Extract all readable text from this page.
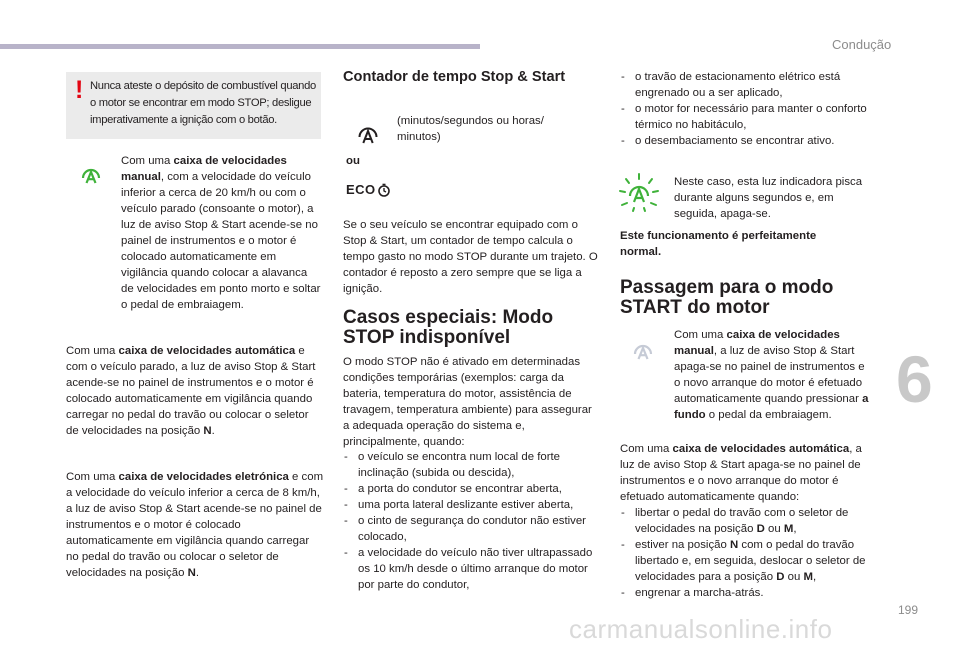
Condução
6
199
carmanualsonline.info
! Nunca ateste o depósito de combustível quando o motor se encontrar em modo STOP; desligue imperativamente a ignição com o botão.

Com uma caixa de velocidades manual, com a velocidade do veículo inferior a cerca de 20 km/h ou com o veículo parado (consoante o motor), a luz de aviso Stop & Start acende-se no painel de instrumentos e o motor é colocado automaticamente em vigilância quando colocar a alavanca de velocidades em ponto morto e soltar o pedal de embraiagem.

Com uma caixa de velocidades automática e com o veículo parado, a luz de aviso Stop & Start acende-se no painel de instrumentos e o motor é colocado automaticamente em vigilância quando carregar no pedal do travão ou colocar o seletor de velocidades na posição N.

Com uma caixa de velocidades eletrónica e com a velocidade do veículo inferior a cerca de 8 km/h, a luz de aviso Stop & Start acende-se no painel de instrumentos e o motor é colocado automaticamente em vigilância quando carregar no pedal do travão ou colocar o seletor de velocidades na posição N.

Contador de tempo Stop & Start
ou
(minutos/segundos ou horas/ minutos)
ECO

Se o seu veículo se encontrar equipado com o Stop & Start, um contador de tempo calcula o tempo gasto no modo STOP durante um trajeto. O contador é reposto a zero sempre que se liga a ignição.

Casos especiais: Modo
STOP indisponível

O modo STOP não é ativado em determinadas condições temporárias (exemplos: carga da bateria, temperatura do motor, assistência de travagem, temperatura ambiente) para assegurar a adequada operação do sistema e, principalmente, quando:

- o veículo se encontra num local de forte inclinação (subida ou descida),
- a porta do condutor se encontrar aberta,
- uma porta lateral deslizante estiver aberta,
- o cinto de segurança do condutor não estiver colocado,
- a velocidade do veículo não tiver ultrapassado os 10 km/h desde o último arranque do motor por parte do condutor,
- o travão de estacionamento elétrico está engrenado ou a ser aplicado,
- o motor for necessário para manter o conforto térmico no habitáculo,
- o desembaciamento se encontrar ativo.

Neste caso, esta luz indicadora pisca durante alguns segundos e, em seguida, apaga-se.

Este funcionamento é perfeitamente normal.

Passagem para o modo
START do motor

Com uma caixa de velocidades manual, a luz de aviso Stop & Start apaga-se no painel de instrumentos e o novo arranque do motor é efetuado automaticamente quando pressionar a fundo o pedal da embraiagem.

Com uma caixa de velocidades automática, a luz de aviso Stop & Start apaga-se no painel de instrumentos e o novo arranque do motor é efetuado automaticamente quando:

- libertar o pedal do travão com o seletor de velocidades na posição D ou M,
- estiver na posição N com o pedal do travão libertado e, em seguida, deslocar o seletor de velocidades para a posição D ou M,
- engrenar a marcha-atrás.
